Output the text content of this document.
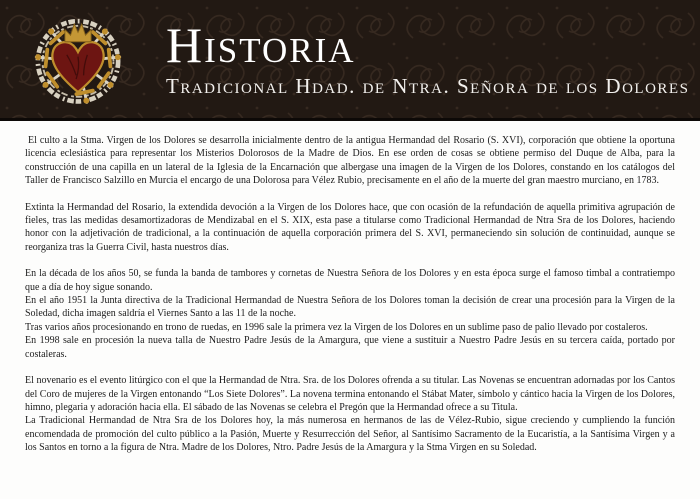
Historia
Tradicional Hdad. de Ntra. Señora de los Dolores

El culto a la Stma. Virgen de los Dolores se desarrolla inicialmente dentro de la antigua Hermandad del Rosario (S. XVI), corporación que obtiene la oportuna licencia eclesiástica para representar los Misterios Dolorosos de la Madre de Dios. En ese orden de cosas se obtiene permiso del Duque de Alba, para la construcción de una capilla en un lateral de la Iglesia de la Encarnación que albergase una imagen de la Virgen de los Dolores, constando en los catálogos del Taller de Francisco Salzillo en Murcia el encargo de una Dolorosa para Vélez Rubio, precisamente en el año de la muerte del gran maestro murciano, en 1783.

Extinta la Hermandad del Rosario, la extendida devoción a la Virgen de los Dolores hace, que con ocasión de la refundación de aquella primitiva agrupación de fieles, tras las medidas desamortizadoras de Mendizabal en el S. XIX, esta pase a titularse como Tradicional Hermandad de Ntra Sra de los Dolores, haciendo honor con la adjetivación de tradicional, a la continuación de aquella corporación primera del S. XVI, permaneciendo sin solución de continuidad, aunque se reorganiza tras la Guerra Civil, hasta nuestros días.

En la década de los años 50, se funda la banda de tambores y cornetas de Nuestra Señora de los Dolores y en esta época surge el famoso timbal a contratiempo que a día de hoy sigue sonando.

En el año 1951 la Junta directiva de la Tradicional Hermandad de Nuestra Señora de los Dolores toman la decisión de crear una procesión para la Virgen de la Soledad, dicha imagen saldría el Viernes Santo a las 11 de la noche.

Tras varios años procesionando en trono de ruedas, en 1996 sale la primera vez la Virgen de los Dolores en un sublime paso de palio llevado por costaleros.

En 1998 sale en procesión la nueva talla de Nuestro Padre Jesús de la Amargura, que viene a sustituir a Nuestro Padre Jesús en su tercera caída, portado por costaleras.

El novenario es el evento litúrgico con el que la Hermandad de Ntra. Sra. de los Dolores ofrenda a su titular. Las Novenas se encuentran adornadas por los Cantos del Coro de mujeres de la Virgen entonando “Los Siete Dolores”. La novena termina entonando el Stábat Mater, símbolo y cántico hacia la Virgen de los Dolores, himno, plegaria y adoración hacia ella. El sábado de las Novenas se celebra el Pregón que la Hermandad ofrece a su Titula.

La Tradicional Hermandad de Ntra Sra de los Dolores hoy, la más numerosa en hermanos de las de Vélez-Rubio, sigue creciendo y cumpliendo la función encomendada de promoción del culto público a la Pasión, Muerte y Resurrección del Señor, al Santísimo Sacramento de la Eucaristía, a la Santísima Virgen y a los Santos en torno a la figura de Ntra. Madre de los Dolores, Ntro. Padre Jesús de la Amargura y la Stma Virgen en su Soledad.
